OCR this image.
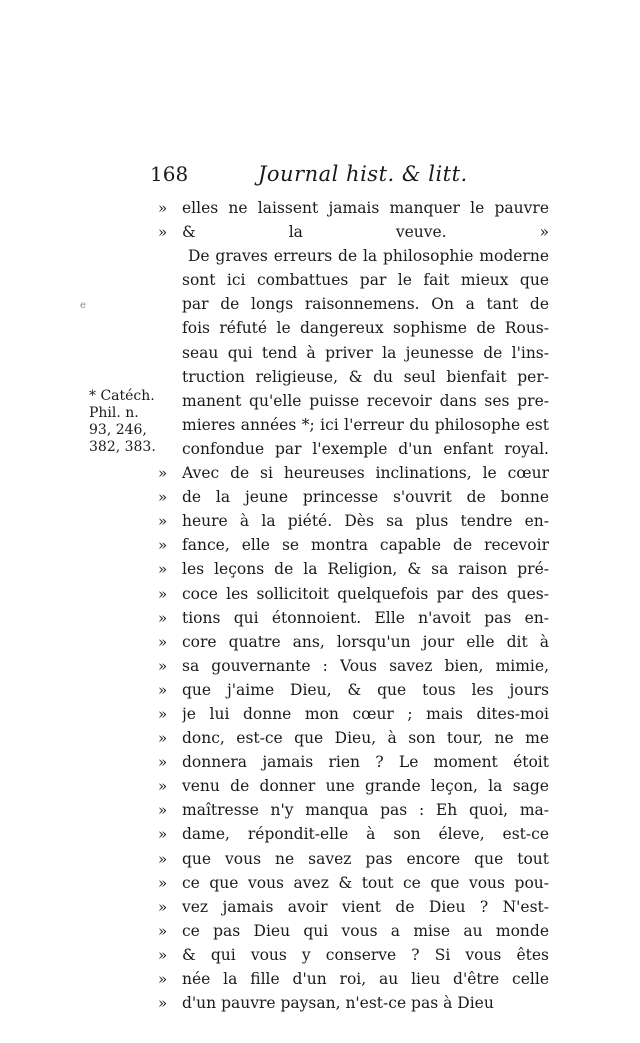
168	Journal hist. & litt.
e
* Catéch.
Phil. n.
93, 246,
382, 383.
» elles ne laissent jamais manquer le pauvre
» & la veuve. »
De graves erreurs de la philosophie moderne
sont ici combattues par le fait mieux que
par de longs raisonnemens. On a tant de
fois réfuté le dangereux sophisme de Rous-
seau qui tend à priver la jeunesse de l'ins-
truction religieuse, & du seul bienfait per-
manent qu'elle puisse recevoir dans ses pre-
mieres années *; ici l'erreur du philosophe est
confondue par l'exemple d'un enfant royal.
» Avec de si heureuses inclinations, le cœur
» de la jeune princesse s'ouvrit de bonne
» heure à la piété. Dès sa plus tendre en-
» fance, elle se montra capable de recevoir
» les leçons de la Religion, & sa raison pré-
» coce les sollicitoit quelquefois par des ques-
» tions qui étonnoient. Elle n'avoit pas en-
» core quatre ans, lorsqu'un jour elle dit à
» sa gouvernante : Vous savez bien, mimie,
» que j'aime Dieu, & que tous les jours
» je lui donne mon cœur ; mais dites-moi
» donc, est-ce que Dieu, à son tour, ne me
» donnera jamais rien ? Le moment étoit
» venu de donner une grande leçon, la sage
» maîtresse n'y manqua pas : Eh quoi, ma-
» dame, répondit-elle à son éleve, est-ce
» que vous ne savez pas encore que tout
» ce que vous avez & tout ce que vous pou-
» vez jamais avoir vient de Dieu ? N'est-
» ce pas Dieu qui vous a mise au monde
» & qui vous y conserve ? Si vous êtes
» née la fille d'un roi, au lieu d'être celle
» d'un pauvre paysan, n'est-ce pas à Dieu
